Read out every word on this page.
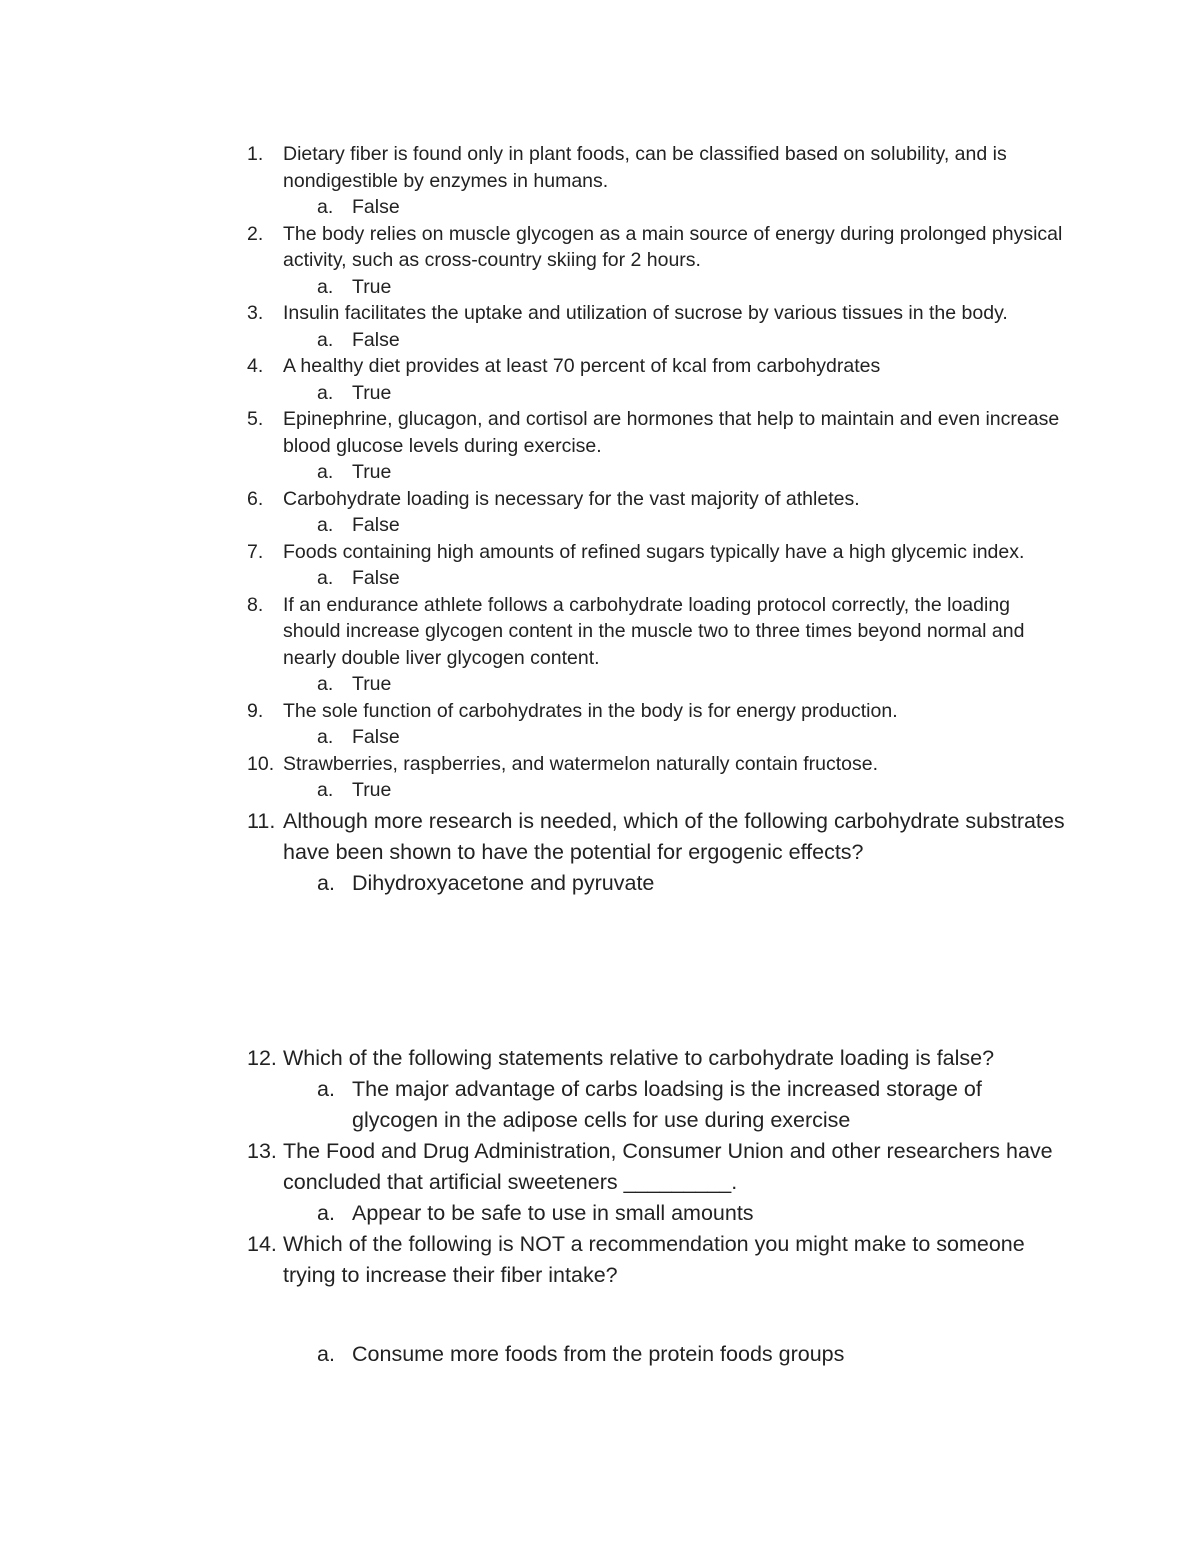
1.	Dietary fiber is found only in plant foods, can be classified based on solubility, and is nondigestible by enzymes in humans.
a. False
2.	The body relies on muscle glycogen as a main source of energy during prolonged physical activity, such as cross-country skiing for 2 hours.
a. True
3.	Insulin facilitates the uptake and utilization of sucrose by various tissues in the body.
a. False
4.	A healthy diet provides at least 70 percent of kcal from carbohydrates
a. True
5.	Epinephrine, glucagon, and cortisol are hormones that help to maintain and even increase blood glucose levels during exercise.
a. True
6.	Carbohydrate loading is necessary for the vast majority of athletes.
a. False
7.	Foods containing high amounts of refined sugars typically have a high glycemic index.
a. False
8.	If an endurance athlete follows a carbohydrate loading protocol correctly, the loading should increase glycogen content in the muscle two to three times beyond normal and nearly double liver glycogen content.
a. True
9.	The sole function of carbohydrates in the body is for energy production.
a. False
10. Strawberries, raspberries, and watermelon naturally contain fructose.
a. True
11. Although more research is needed, which of the following carbohydrate substrates have been shown to have the potential for ergogenic effects?
a. Dihydroxyacetone and pyruvate
12. Which of the following statements relative to carbohydrate loading is false?
a. The major advantage of carbs loadsing is the increased storage of glycogen in the adipose cells for use during exercise
13. The Food and Drug Administration, Consumer Union and other researchers have concluded that artificial sweeteners _________.
a. Appear to be safe to use in small amounts
14. Which of the following is NOT a recommendation you might make to someone trying to increase their fiber intake?
a. Consume more foods from the protein foods groups
